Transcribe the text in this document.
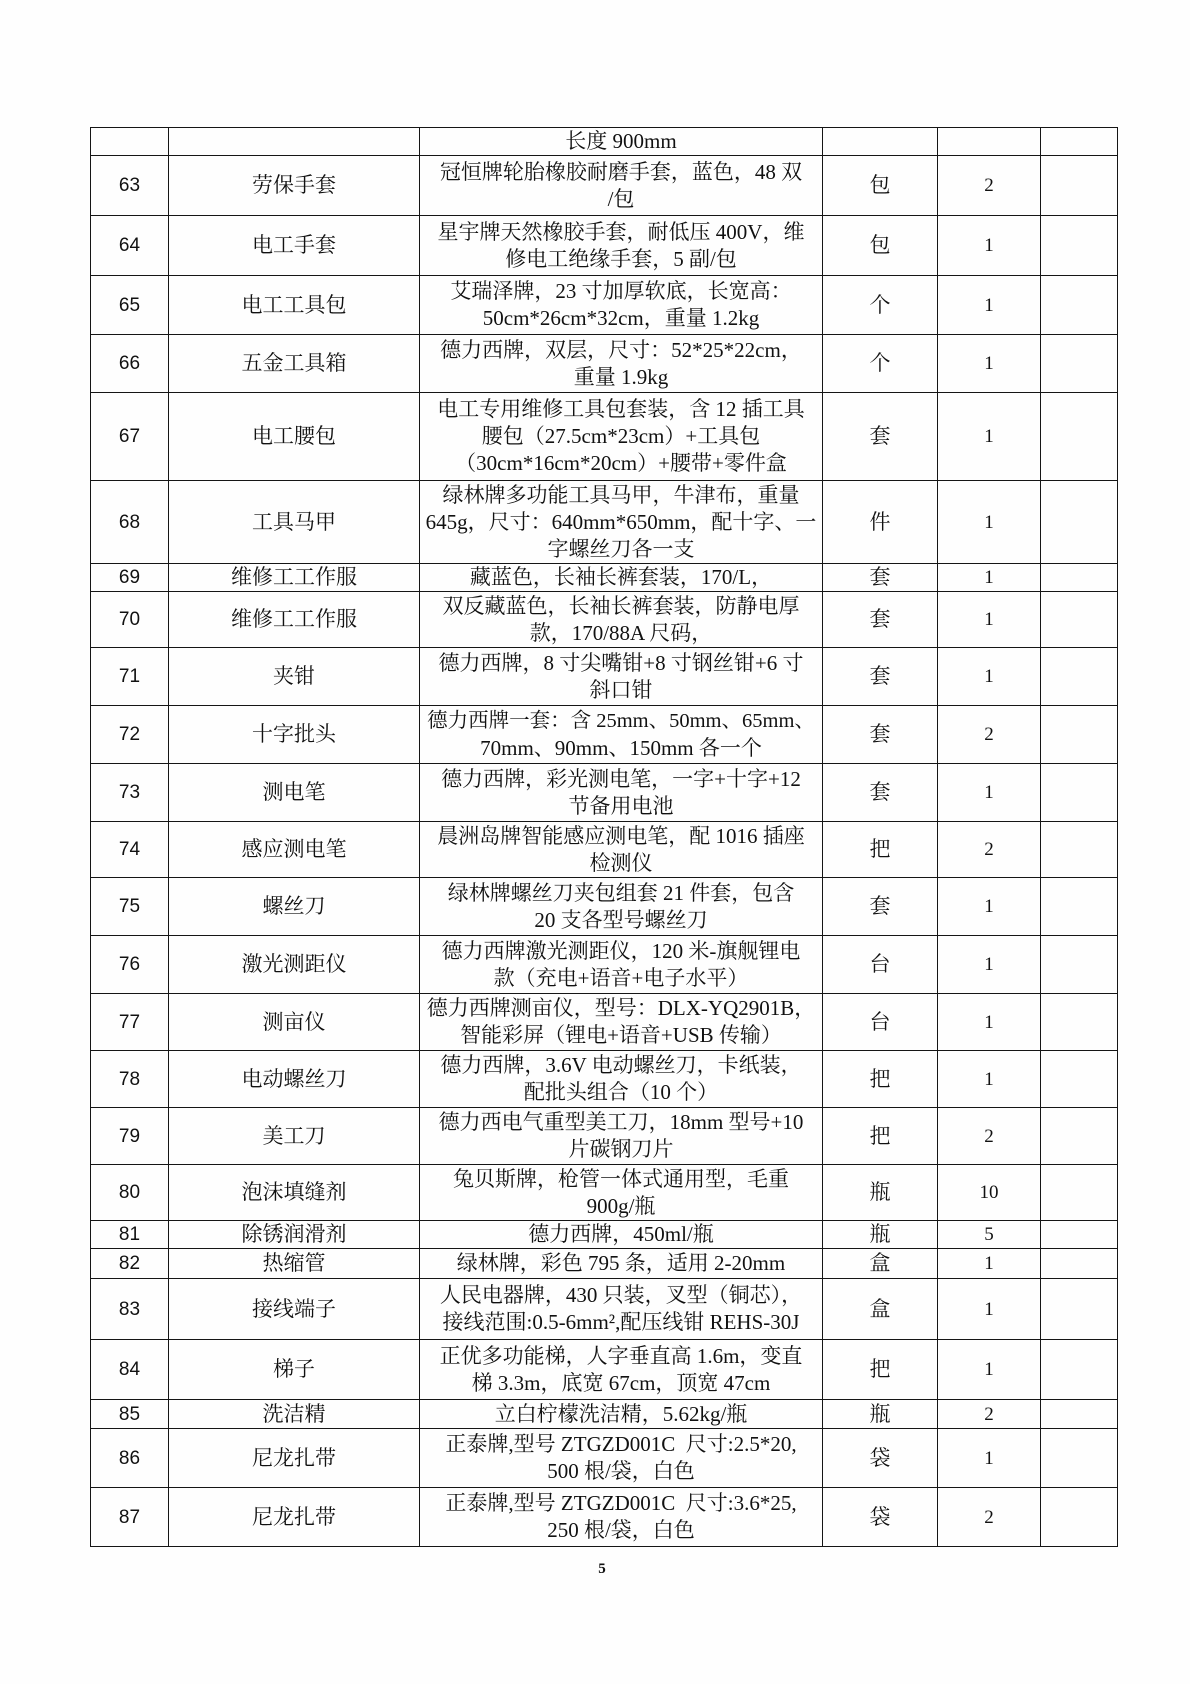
		长度 900mm			

63	劳保手套	冠恒牌轮胎橡胶耐磨手套，蓝色，48 双
/包	包	2	

64	电工手套	星宇牌天然橡胶手套，耐低压 400V，维
修电工绝缘手套，5 副/包	包	1	

65	电工工具包	艾瑞泽牌，23 寸加厚软底，长宽高：
50cm*26cm*32cm，重量 1.2kg	个	1	

66	五金工具箱	德力西牌，双层，尺寸：52*25*22cm，
重量 1.9kg	个	1	

67	电工腰包	电工专用维修工具包套装，含 12 插工具
腰包（27.5cm*23cm）+工具包
（30cm*16cm*20cm）+腰带+零件盒	套	1	

68	工具马甲	绿林牌多功能工具马甲，牛津布，重量
645g，尺寸：640mm*650mm，配十字、一
字螺丝刀各一支	件	1	

69	维修工工作服	藏蓝色，长袖长裤套装，170/L，	套	1	

70	维修工工作服	双反藏蓝色，长袖长裤套装，防静电厚
款，170/88A 尺码，	套	1	

71	夹钳	德力西牌，8 寸尖嘴钳+8 寸钢丝钳+6 寸
斜口钳	套	1	

72	十字批头	德力西牌一套：含 25mm、50mm、65mm、
70mm、90mm、150mm 各一个	套	2	

73	测电笔	德力西牌，彩光测电笔，一字+十字+12
节备用电池	套	1	

74	感应测电笔	晨洲岛牌智能感应测电笔，配 1016 插座
检测仪	把	2	

75	螺丝刀	绿林牌螺丝刀夹包组套 21 件套，包含
20 支各型号螺丝刀	套	1	

76	激光测距仪	德力西牌激光测距仪，120 米-旗舰锂电
款（充电+语音+电子水平）	台	1	

77	测亩仪	德力西牌测亩仪，型号：DLX-YQ2901B，
智能彩屏（锂电+语音+USB 传输）	台	1	

78	电动螺丝刀	德力西牌，3.6V 电动螺丝刀，卡纸装，
配批头组合（10 个）	把	1	

79	美工刀	德力西电气重型美工刀，18mm 型号+10
片碳钢刀片	把	2	

80	泡沫填缝剂	兔贝斯牌，枪管一体式通用型，毛重
900g/瓶	瓶	10	

81	除锈润滑剂	德力西牌，450ml/瓶	瓶	5	

82	热缩管	绿林牌，彩色 795 条，适用 2-20mm	盒	1	

83	接线端子	人民电器牌，430 只装，叉型（铜芯），
接线范围:0.5-6mm²,配压线钳 REHS-30J	盒	1	

84	梯子	正优多功能梯，人字垂直高 1.6m，变直
梯 3.3m，底宽 67cm，顶宽 47cm	把	1	

85	洗洁精	立白柠檬洗洁精，5.62kg/瓶	瓶	2	

86	尼龙扎带	正泰牌,型号 ZTGZD001C  尺寸:2.5*20,
500 根/袋，白色	袋	1	

87	尼龙扎带	正泰牌,型号 ZTGZD001C  尺寸:3.6*25,
250 根/袋，白色	袋	2	

5
